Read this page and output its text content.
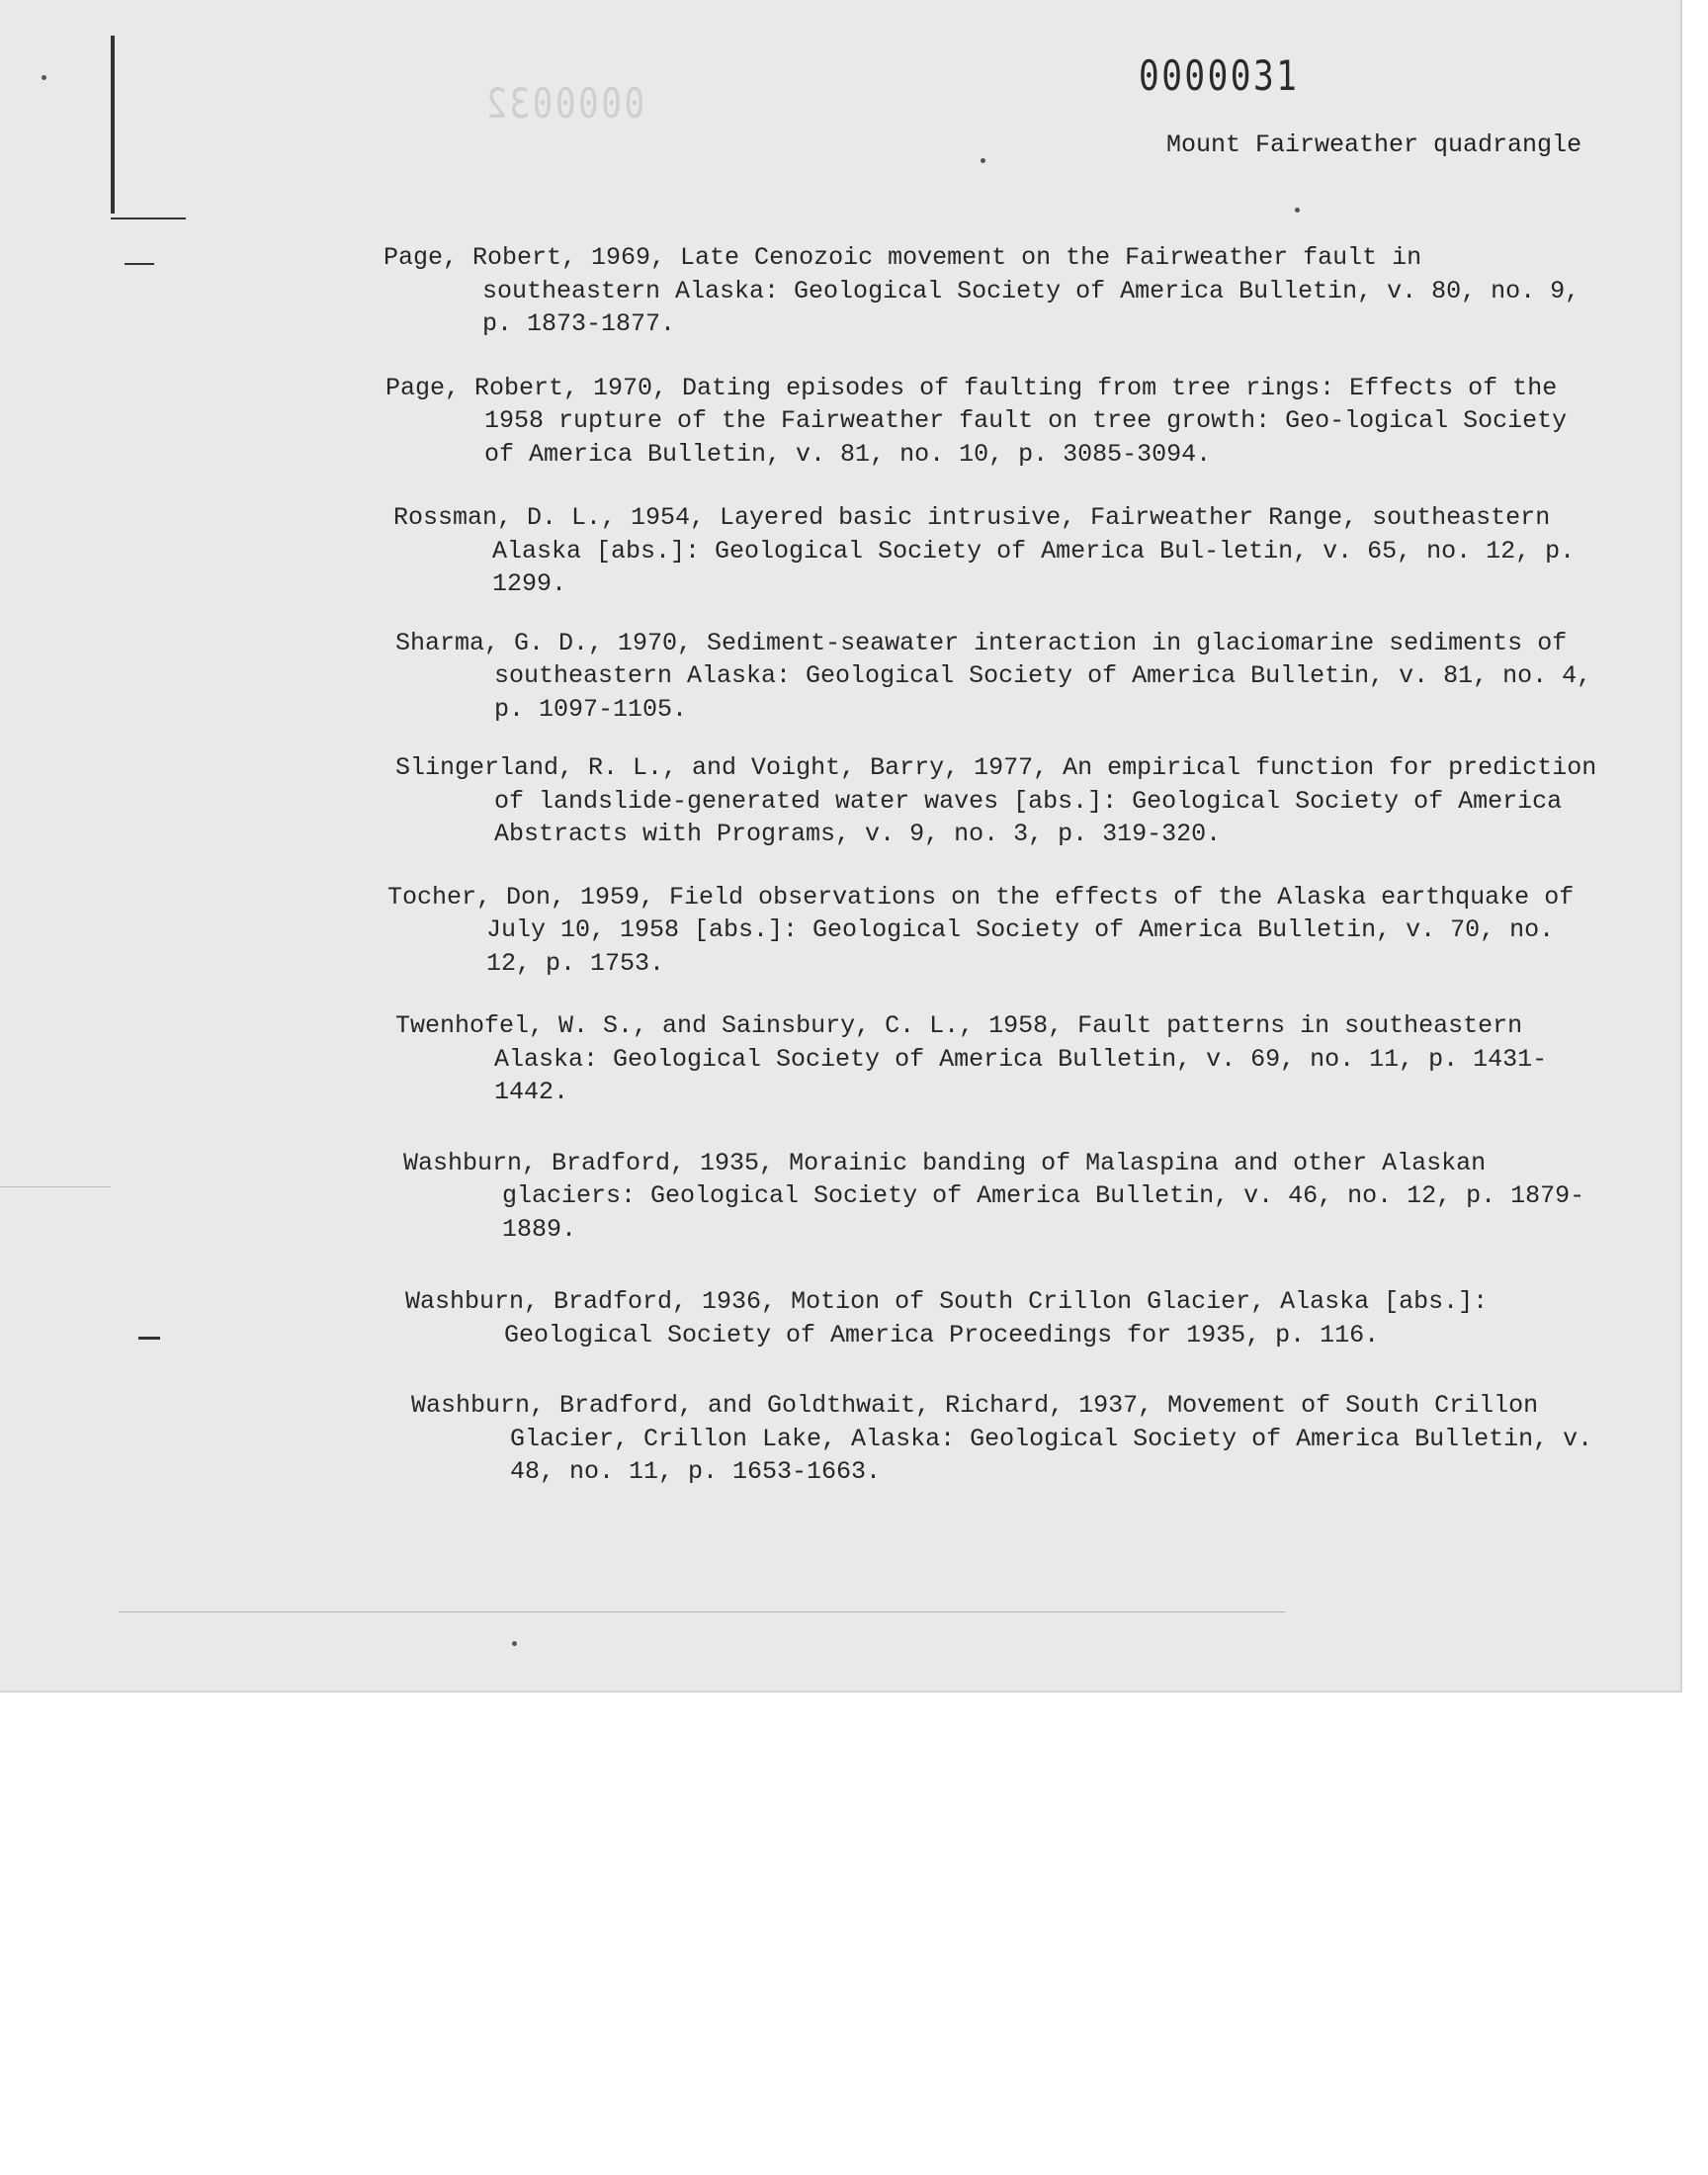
0000032
0000031
Mount Fairweather quadrangle
Page, Robert, 1969, Late Cenozoic movement on the Fairweather fault in southeastern Alaska: Geological Society of America Bulletin, v. 80, no. 9, p. 1873-1877.
Page, Robert, 1970, Dating episodes of faulting from tree rings: Effects of the 1958 rupture of the Fairweather fault on tree growth: Geo-logical Society of America Bulletin, v. 81, no. 10, p. 3085-3094.
Rossman, D. L., 1954, Layered basic intrusive, Fairweather Range, southeastern Alaska [abs.]: Geological Society of America Bul-letin, v. 65, no. 12, p. 1299.
Sharma, G. D., 1970, Sediment-seawater interaction in glaciomarine sediments of southeastern Alaska: Geological Society of America Bulletin, v. 81, no. 4, p. 1097-1105.
Slingerland, R. L., and Voight, Barry, 1977, An empirical function for prediction of landslide-generated water waves [abs.]: Geological Society of America Abstracts with Programs, v. 9, no. 3, p. 319-320.
Tocher, Don, 1959, Field observations on the effects of the Alaska earthquake of July 10, 1958 [abs.]: Geological Society of America Bulletin, v. 70, no. 12, p. 1753.
Twenhofel, W. S., and Sainsbury, C. L., 1958, Fault patterns in southeastern Alaska: Geological Society of America Bulletin, v. 69, no. 11, p. 1431-1442.
Washburn, Bradford, 1935, Morainic banding of Malaspina and other Alaskan glaciers: Geological Society of America Bulletin, v. 46, no. 12, p. 1879-1889.
Washburn, Bradford, 1936, Motion of South Crillon Glacier, Alaska [abs.]: Geological Society of America Proceedings for 1935, p. 116.
Washburn, Bradford, and Goldthwait, Richard, 1937, Movement of South Crillon Glacier, Crillon Lake, Alaska: Geological Society of America Bulletin, v. 48, no. 11, p. 1653-1663.
